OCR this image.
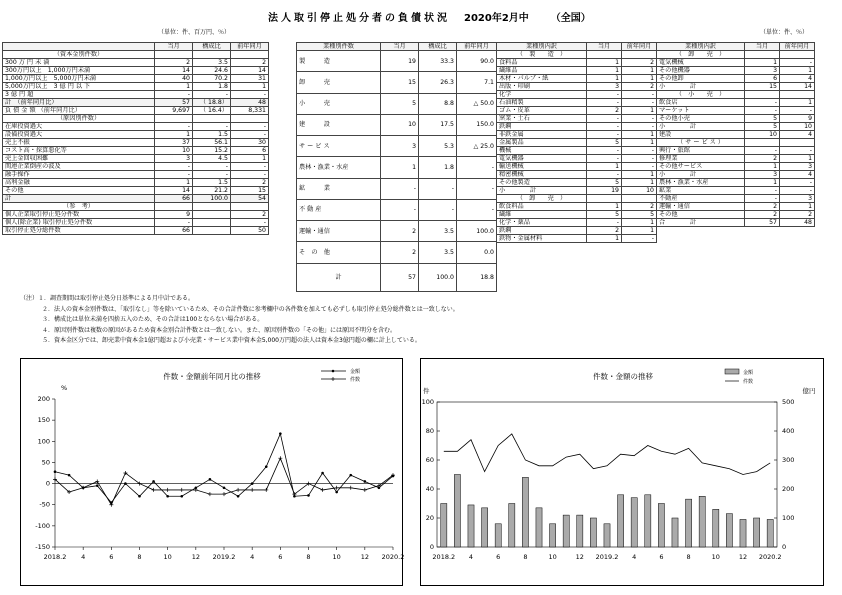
法人取引停止処分者の負債状況 2020年2月中 （全国）
（単位：件、百万円、％）	（単位：件、％）
	当月	構成比	前年同月
（資本金別件数）			
300 万 円 未 満	2	3.5	2
300万円以上　1,000万円未満	14	24.6	14
1,000万円以上　5,000万円未満	40	70.2	31
5,000万円以上　3 億 円 以 下	1	1.8	1
3 億 円 超	-	-	-
計　（前年同月比）	57	（ 18.8）	48
負 債 金 額 （前年同月比）	9,697	（ 16.4）	8,331
（原因別件数）			
在庫投資過大	-	-	-
設備投資過大	1	1.5	-
売上不振	37	56.1	30
コスト高・採算悪化等	10	15.2	6
売上金回収困難	3	4.5	1
関連企業倒産の波及	-	-	-
融手操作	-	-	-
高利金融	1	1.5	2
その他	14	21.2	15
計	66	100.0	54
（参　考）			
個人企業取引停止処分件数	9		2
個人(除企業) 取引停止処分件数	-		-
取引停止処分総件数	66		50
業種別件数	当月	構成比	前年同月
製　　　造	19	33.3	90.0
卸　　　売	15	26.3	7.1
小　　　売	5	8.8	△ 50.0
建　　　設	10	17.5	150.0
サ ー ビ ス	3	5.3	△ 25.0
農林・漁業・水産	1	1.8	-
鉱　　　業	-	-	-
不 動 産	-	-	-
運輸・通信	2	3.5	100.0
そ　の　他	2	3.5	0.0
計	57	100.0	18.8
業種別内訳	当月	前年同月
（　製　　造　）		
食料品	1	2
繊維品	1	1
木材・パルプ・紙	1	1
出版・印刷	3	2
化学	-	-
石油精製	-	-
ゴム・皮革	2	1
窯業・土石	-	-
鉄鋼	-	-
非鉄金属	-	1
金属製品	5	1
機械	-	-
電気機器	-	-
輸送機械	1	-
精密機械	-	1
その他製造	5	1
小　　　　計	19	10
（　卸　　売　）		
飲食料品	1	2
繊維	5	5
化学・薬品	-	1
鉄鋼	2	1
鉄物・金属材料	1	-
業種別内訳	当月	前年同月
（　卸　　売　）		
電気機械	1	-
その他機器	3	1
その他卸	6	4
小　　　　計	15	14
（　小　　売　）		
飲食店	-	1
マーケット	-	-
その他小売	5	9
小　　　　計	5	10
建設	10	4
（ サ ー ビ ス ）		
興行・旅館	-	-
修理業	2	1
その他サービス	1	3
小　　　　計	3	4
農林・漁業・水産	1	-
鉱業	-	-
不動産	-	3
運輸・通信	2	1
その他	2	2
合　　　　計	57	48
（注）１．調査期間は取引停止処分日基準による月中計である。
２．法人の資本金別件数は、「取引なし」等を除いているため、その合計件数に参考欄中の各件数を加えても必ずしも取引停止処分総件数とは一致しない。
３．構成比は単位未満を四捨五入のため、その合計は100とならない場合がある。
４．原因別件数は複数の原因があるため資本金別合計件数とは一致しない。また、原因別件数の「その他」には原因不明分を含む。
５．資本金区分では、卸売業中資本金1億円超および小売業・サービス業中資本金5,000万円超の法人は資本金3億円超の欄に計上している。
件数・金額前年同月比の推移
%
-150
-100
-50
0
50
100
150
200
2018.2 4	6	8	10	12 2019.2 4	6	8	10	12 2020.2
金額
件数	件数・金額の推移
件	億円
0
20
40
60
80
100
0
100
200
300
400
500
2018.2 4	6	8	10	12 2019.2 4	6	8	10	12 2020.2
金額
件数
